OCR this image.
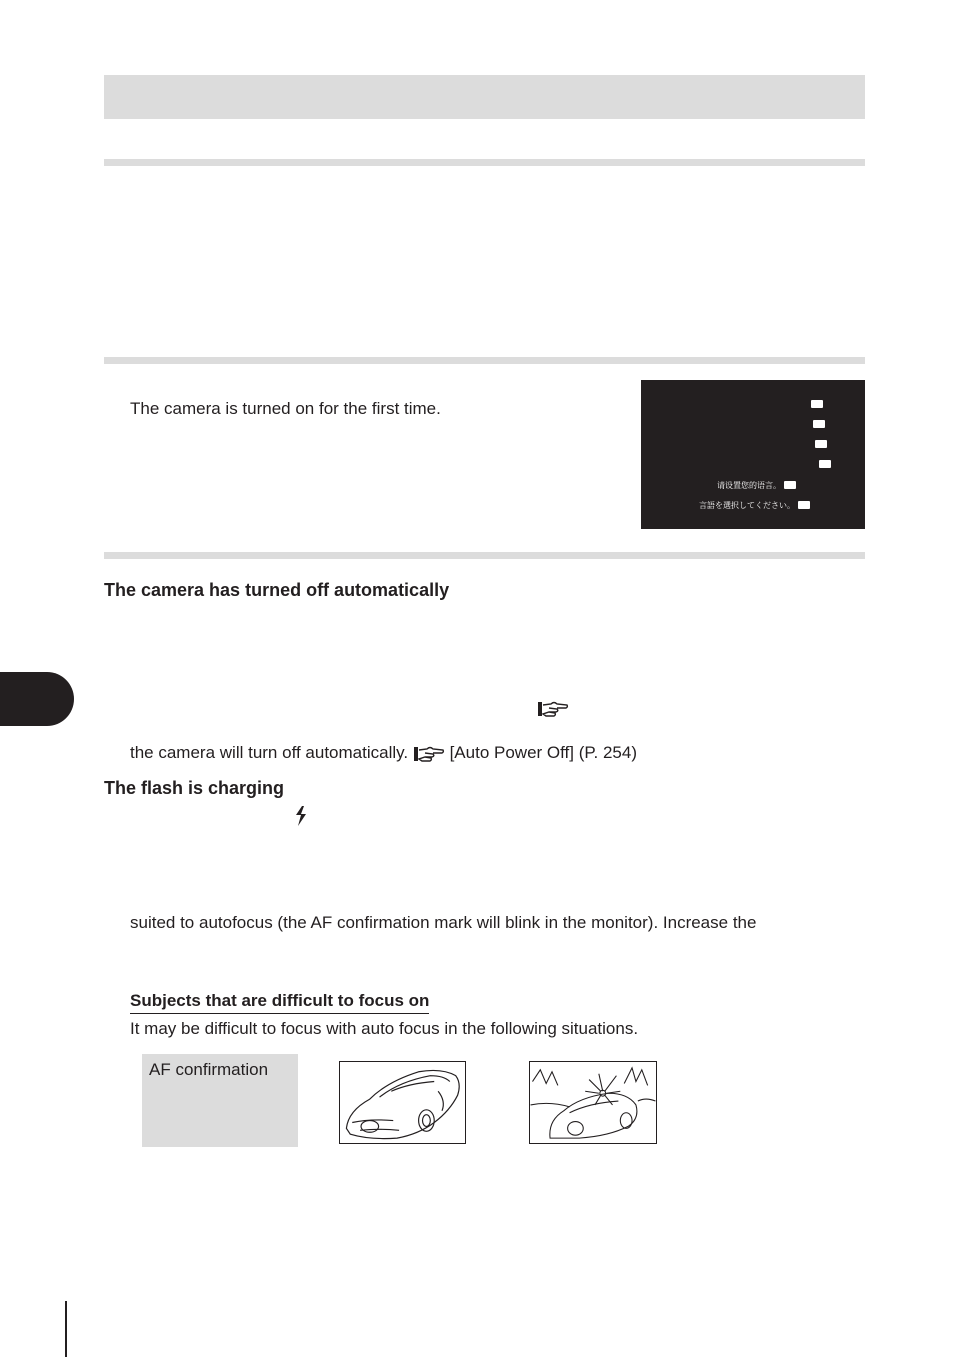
The camera is turned on for the first time.
请设置您的语言。
言語を選択してください。
The camera has turned off automatically
the camera will turn off automatically. [Auto Power Off] (P. 254)
The flash is charging
suited to autofocus (the AF confirmation mark will blink in the monitor). Increase the
Subjects that are difficult to focus on
It may be difficult to focus with auto focus in the following situations.
AF confirmation
